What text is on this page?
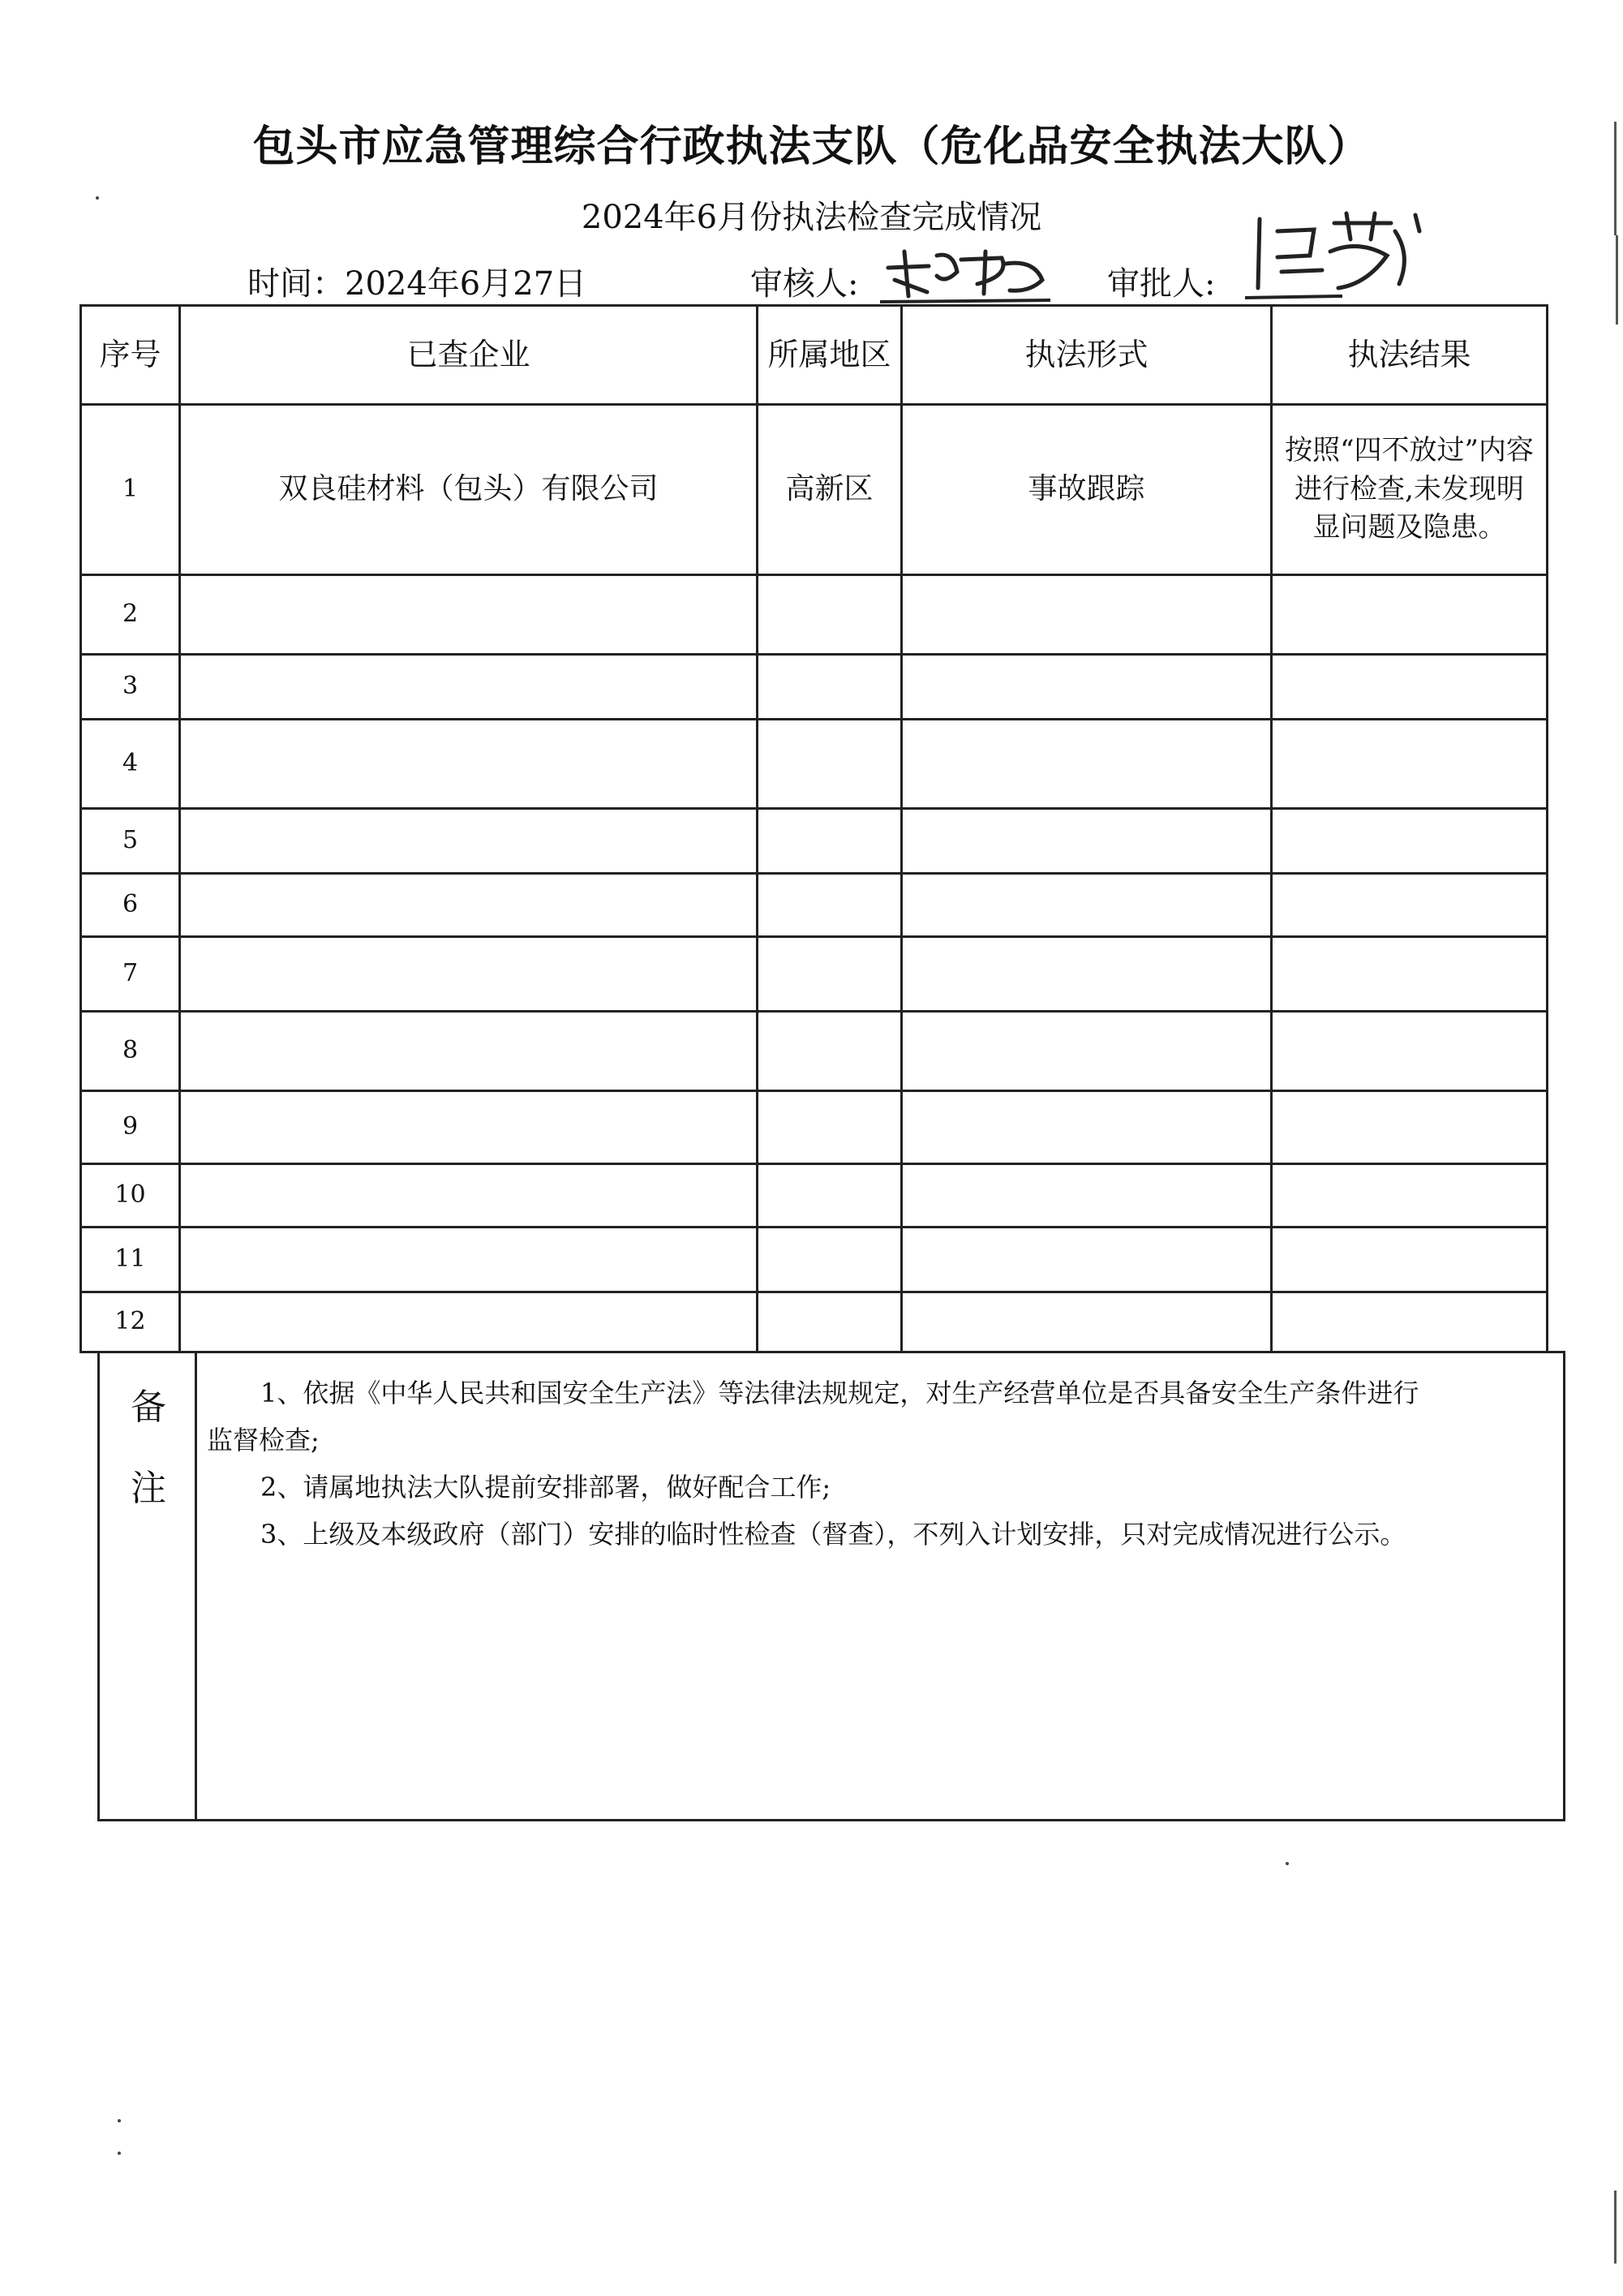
包头市应急管理综合行政执法支队（危化品安全执法大队）
2024年6月份执法检查完成情况
时间：2024年6月27日	审核人:	审批人:
序号	已查企业	所属地区	执法形式	执法结果
1	双良硅材料（包头）有限公司	高新区	事故跟踪	按照“四不放过”内容进行检查,未发现明显问题及隐患。
2				
3				
4				
5				
6				
7				
8				
9				
10				
11				
12				
备
注

1、依据《中华人民共和国安全生产法》等法律法规规定，对生产经营单位是否具备安全生产条件进行

监督检查;

2、请属地执法大队提前安排部署，做好配合工作;

3、上级及本级政府（部门）安排的临时性检查（督查），不列入计划安排，只对完成情况进行公示。
